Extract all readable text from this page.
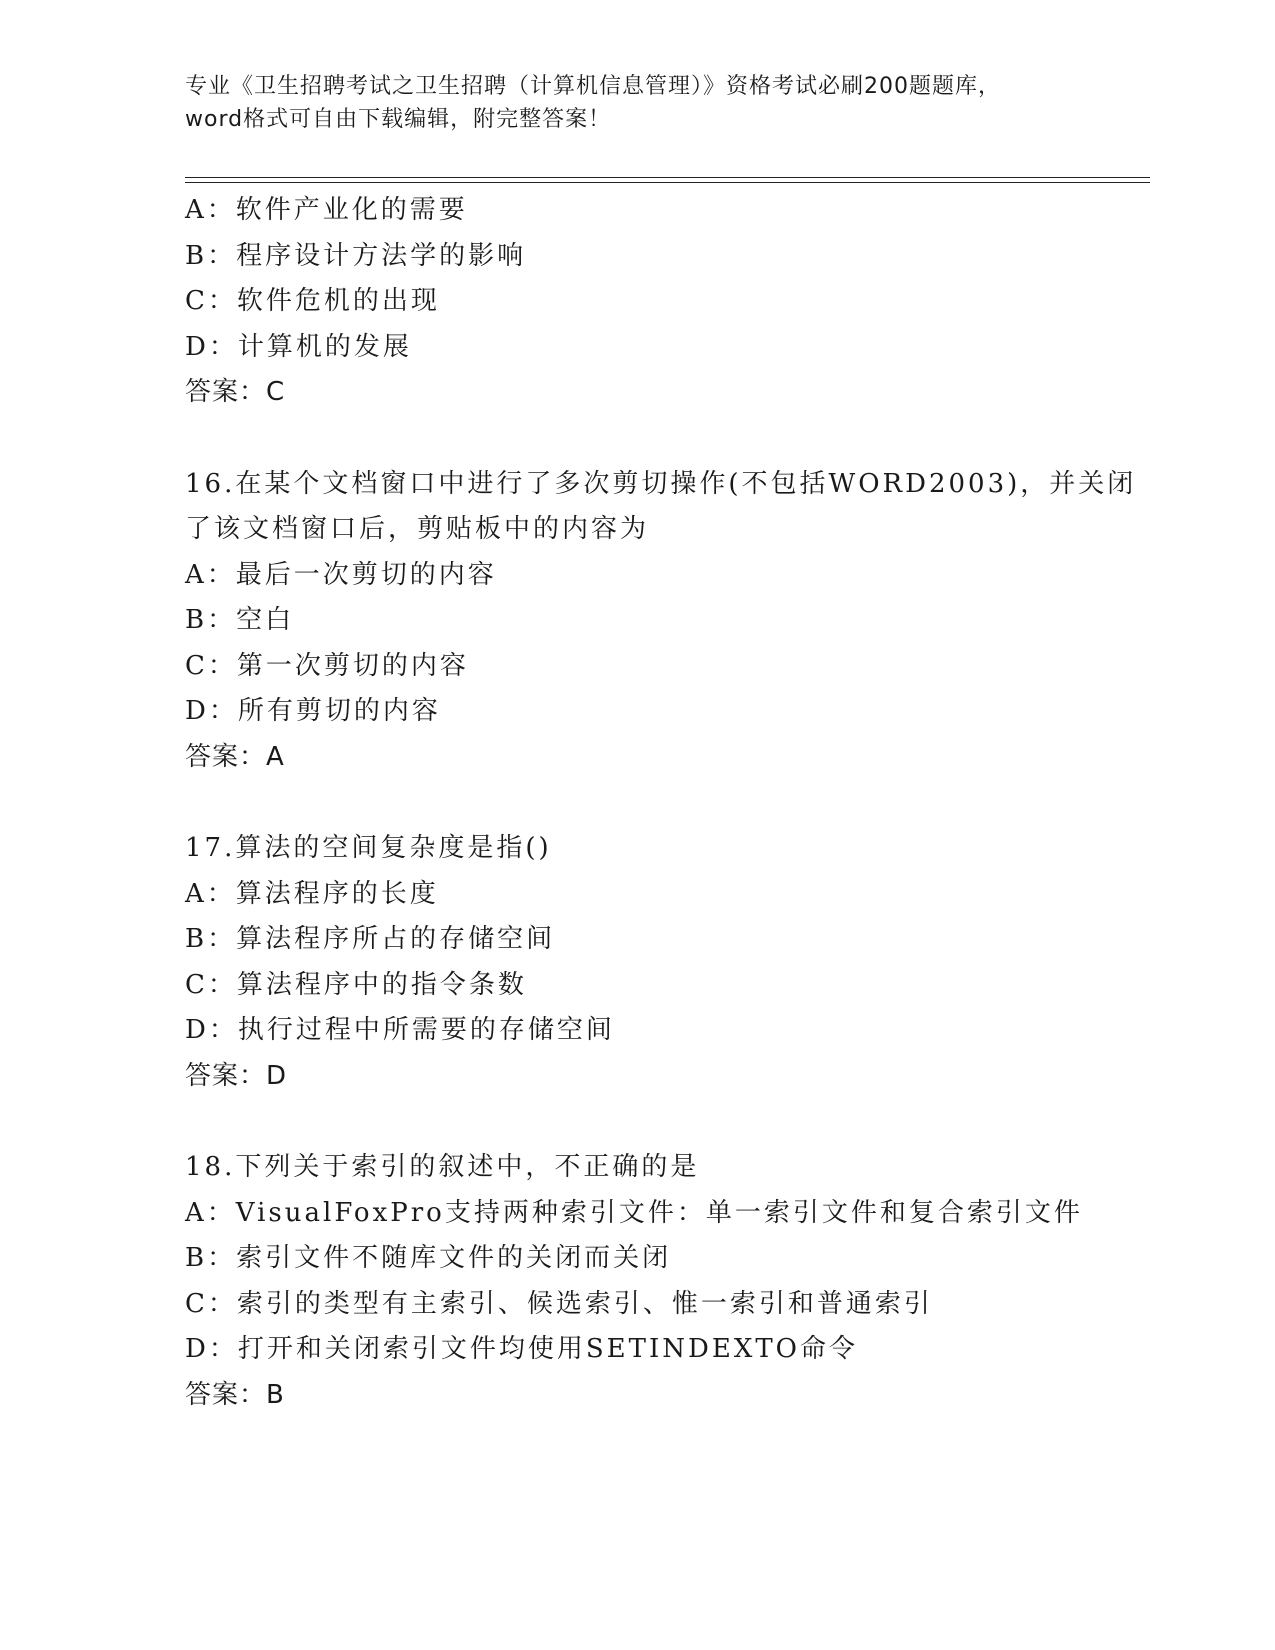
专业《卫生招聘考试之卫生招聘（计算机信息管理）》资格考试必刷200题题库，
word格式可自由下载编辑，附完整答案！
A：软件产业化的需要
B：程序设计方法学的影响
C：软件危机的出现
D：计算机的发展
答案：C
16.在某个文档窗口中进行了多次剪切操作(不包括WORD2003)，并关闭
了该文档窗口后，剪贴板中的内容为
A：最后一次剪切的内容
B：空白
C：第一次剪切的内容
D：所有剪切的内容
答案：A
17.算法的空间复杂度是指()
A：算法程序的长度
B：算法程序所占的存储空间
C：算法程序中的指令条数
D：执行过程中所需要的存储空间
答案：D
18.下列关于索引的叙述中，不正确的是
A：VisualFoxPro支持两种索引文件：单一索引文件和复合索引文件
B：索引文件不随库文件的关闭而关闭
C：索引的类型有主索引、候选索引、惟一索引和普通索引
D：打开和关闭索引文件均使用SETINDEXTO命令
答案：B
